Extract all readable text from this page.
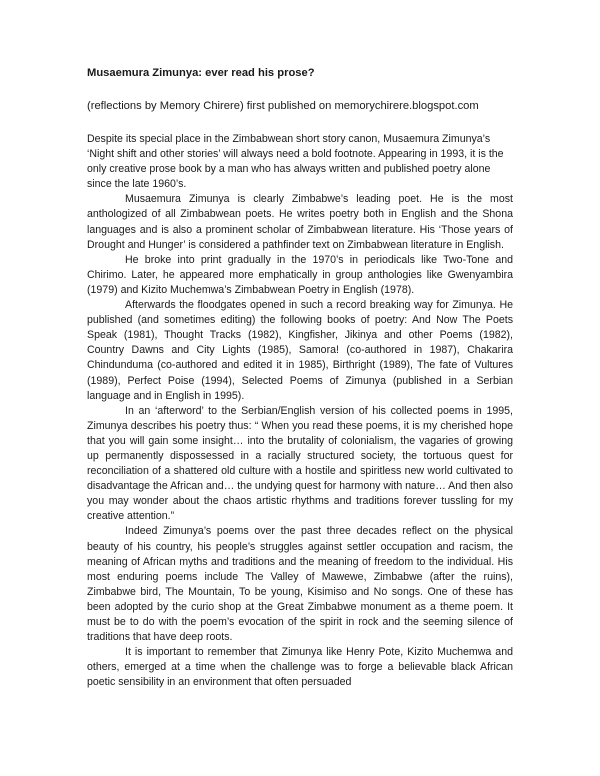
Musaemura Zimunya: ever read his prose?

(reflections by Memory Chirere) first published on memorychirere.blogspot.com

Despite its special place in the Zimbabwean short story canon, Musaemura Zimunya’s ‘Night shift and other stories’ will always need a bold footnote. Appearing in 1993, it is the only creative prose book by a man who has always written and published poetry alone since the late 1960’s.

Musaemura Zimunya is clearly Zimbabwe’s leading poet. He is the most anthologized of all Zimbabwean poets. He writes poetry both in English and the Shona languages and is also a prominent scholar of Zimbabwean literature. His ‘Those years of Drought and Hunger’ is considered a pathfinder text on Zimbabwean literature in English.

He broke into print gradually in the 1970’s in periodicals like Two-Tone and Chirimo. Later, he appeared more emphatically in group anthologies like Gwenyambira (1979) and Kizito Muchemwa’s Zimbabwean Poetry in English (1978).

Afterwards the floodgates opened in such a record breaking way for Zimunya. He published (and sometimes editing) the following books of poetry: And Now The Poets Speak (1981), Thought Tracks (1982), Kingfisher, Jikinya and other Poems (1982), Country Dawns and City Lights (1985), Samora! (co-authored in 1987), Chakarira Chindunduma (co-authored and edited it in 1985), Birthright (1989), The fate of Vultures (1989), Perfect Poise (1994), Selected Poems of Zimunya (published in a Serbian language and in English in 1995).

In an ‘afterword’ to the Serbian/English version of his collected poems in 1995, Zimunya describes his poetry thus: “ When you read these poems, it is my cherished hope that you will gain some insight… into the brutality of colonialism, the vagaries of growing up permanently dispossessed in a racially structured society, the tortuous quest for reconciliation of a shattered old culture with a hostile and spiritless new world cultivated to disadvantage the African and… the undying quest for harmony with nature… And then also you may wonder about the chaos artistic rhythms and traditions forever tussling for my creative attention.”

Indeed Zimunya’s poems over the past three decades reflect on the physical beauty of his country, his people’s struggles against settler occupation and racism, the meaning of African myths and traditions and the meaning of freedom to the individual. His most enduring poems include The Valley of Mawewe, Zimbabwe (after the ruins), Zimbabwe bird, The Mountain, To be young, Kisimiso and No songs. One of these has been adopted by the curio shop at the Great Zimbabwe monument as a theme poem. It must be to do with the poem’s evocation of the spirit in rock and the seeming silence of traditions that have deep roots.

It is important to remember that Zimunya like Henry Pote, Kizito Muchemwa and others, emerged at a time when the challenge was to forge a believable black African poetic sensibility in an environment that often persuaded
